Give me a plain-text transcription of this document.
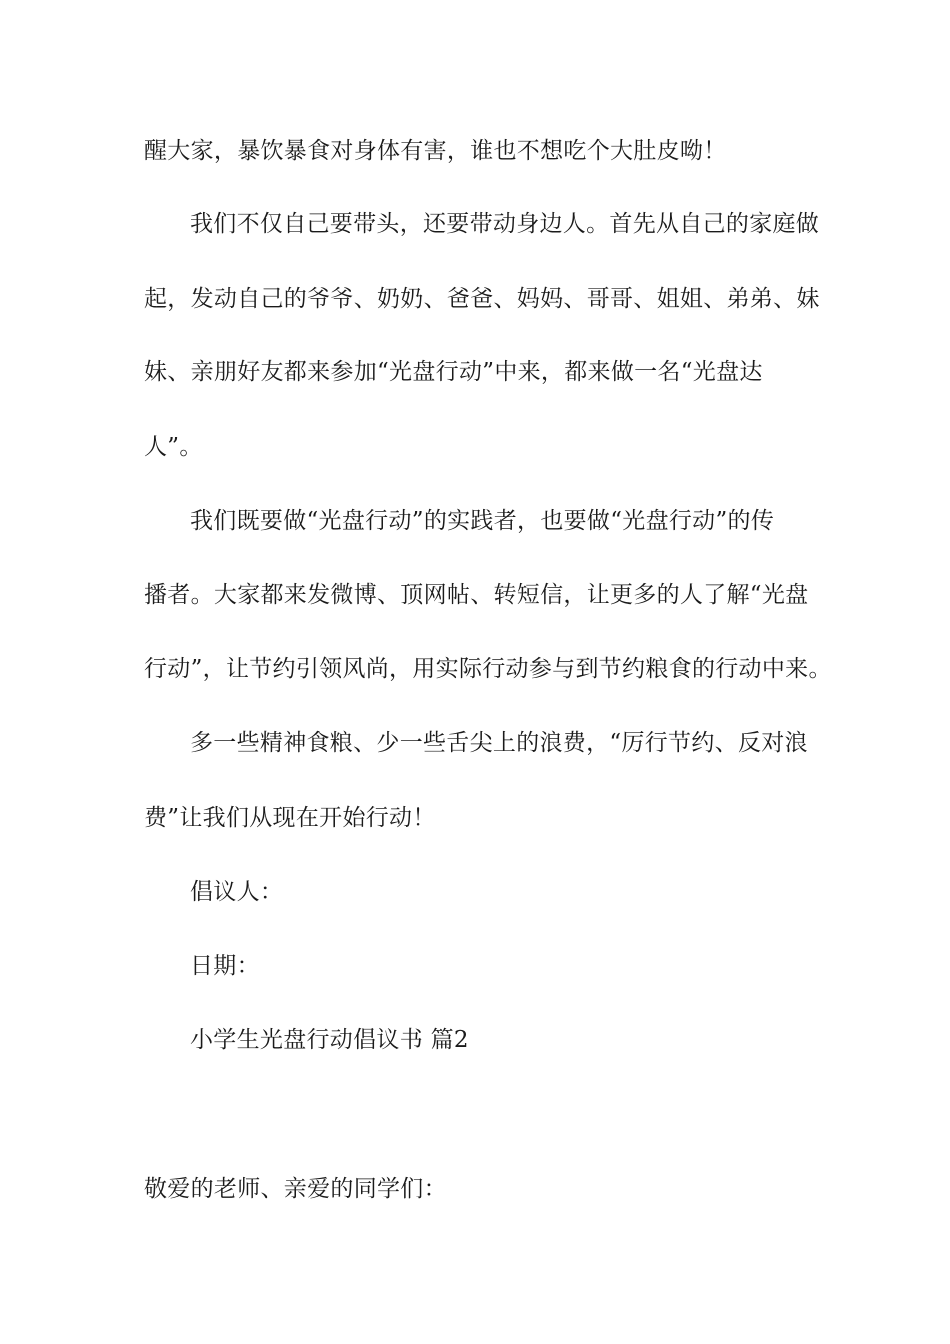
醒大家，暴饮暴食对身体有害，谁也不想吃个大肚皮呦！
我们不仅自己要带头，还要带动身边人。首先从自己的家庭做
起，发动自己的爷爷、奶奶、爸爸、妈妈、哥哥、姐姐、弟弟、妹
妹、亲朋好友都来参加“光盘行动”中来，都来做一名“光盘达
人”。
我们既要做“光盘行动”的实践者，也要做“光盘行动”的传
播者。大家都来发微博、顶网帖、转短信，让更多的人了解“光盘
行动”，让节约引领风尚，用实际行动参与到节约粮食的行动中来。
多一些精神食粮、少一些舌尖上的浪费，“厉行节约、反对浪
费”让我们从现在开始行动！
倡议人：
日期：
小学生光盘行动倡议书 篇2
敬爱的老师、亲爱的同学们：
